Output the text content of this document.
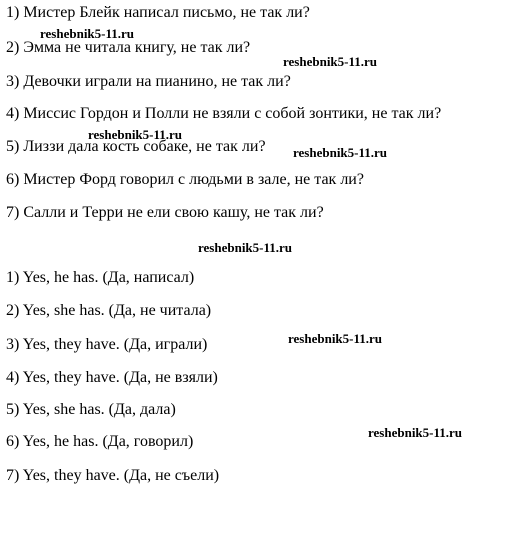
1) Мистер Блейк написал письмо, не так ли?
2) Эмма не читала книгу, не так ли?
3) Девочки играли на пианино, не так ли?
4) Миссис Гордон и Полли не взяли с собой зонтики, не так ли?
5) Лиззи дала кость собаке, не так ли?
6) Мистер Форд говорил с людьми в зале, не так ли?
7) Салли и Терри не ели свою кашу, не так ли?
1) Yes, he has. (Да, написал)
2) Yes, she has. (Да, не читала)
3) Yes, they have. (Да, играли)
4) Yes, they have. (Да, не взяли)
5) Yes, she has. (Да, дала)
6) Yes, he has. (Да, говорил)
7) Yes, they have. (Да, не съели)
reshebnik5-11.ru
reshebnik5-11.ru
reshebnik5-11.ru
reshebnik5-11.ru
reshebnik5-11.ru
reshebnik5-11.ru
reshebnik5-11.ru
